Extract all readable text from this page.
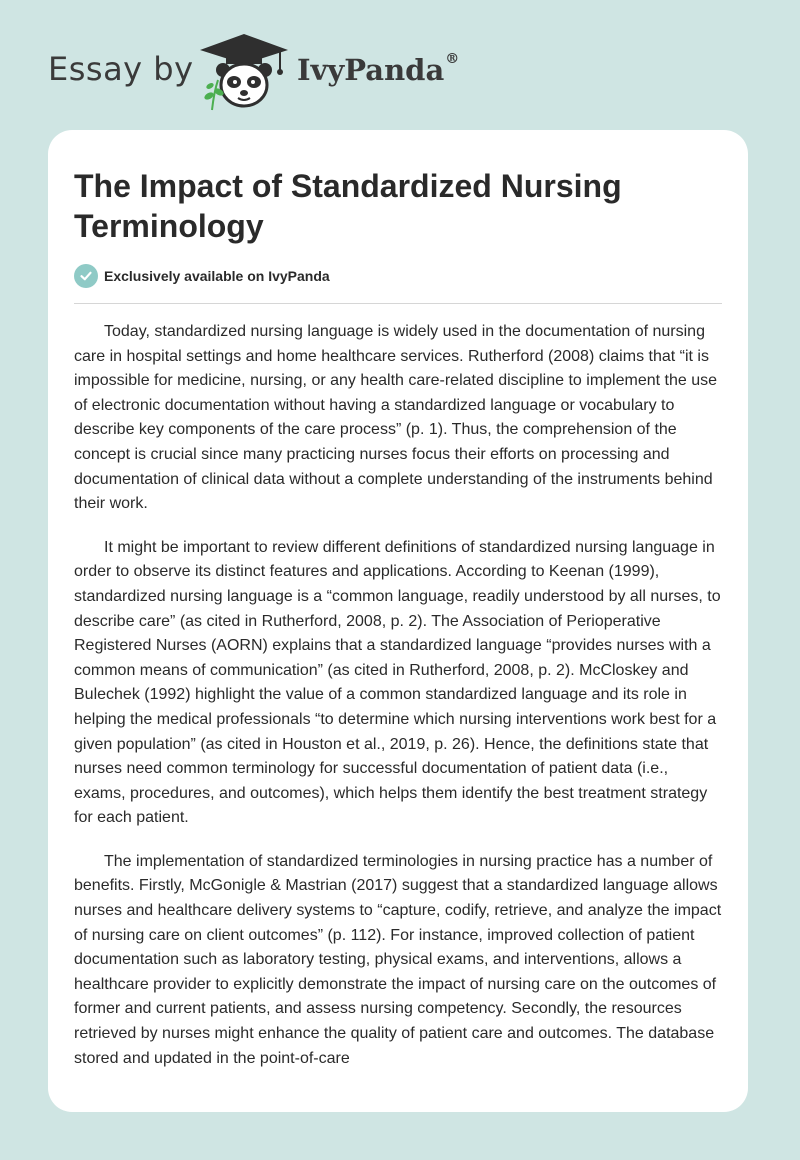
Essay by	IvyPanda®
The Impact of Standardized Nursing Terminology
Exclusively available on IvyPanda

Today, standardized nursing language is widely used in the documentation of nursing care in hospital settings and home healthcare services. Rutherford (2008) claims that “it is impossible for medicine, nursing, or any health care-related discipline to implement the use of electronic documentation without having a standardized language or vocabulary to describe key components of the care process” (p. 1). Thus, the comprehension of the concept is crucial since many practicing nurses focus their efforts on processing and documentation of clinical data without a complete understanding of the instruments behind their work.

It might be important to review different definitions of standardized nursing language in order to observe its distinct features and applications. According to Keenan (1999), standardized nursing language is a “common language, readily understood by all nurses, to describe care” (as cited in Rutherford, 2008, p. 2). The Association of Perioperative Registered Nurses (AORN) explains that a standardized language “provides nurses with a common means of communication” (as cited in Rutherford, 2008, p. 2). McCloskey and Bulechek (1992) highlight the value of a common standardized language and its role in helping the medical professionals “to determine which nursing interventions work best for a given population” (as cited in Houston et al., 2019, p. 26). Hence, the definitions state that nurses need common terminology for successful documentation of patient data (i.e., exams, procedures, and outcomes), which helps them identify the best treatment strategy for each patient.

The implementation of standardized terminologies in nursing practice has a number of benefits. Firstly, McGonigle & Mastrian (2017) suggest that a standardized language allows nurses and healthcare delivery systems to “capture, codify, retrieve, and analyze the impact of nursing care on client outcomes” (p. 112). For instance, improved collection of patient documentation such as laboratory testing, physical exams, and interventions, allows a healthcare provider to explicitly demonstrate the impact of nursing care on the outcomes of former and current patients, and assess nursing competency. Secondly, the resources retrieved by nurses might enhance the quality of patient care and outcomes. The database stored and updated in the point-of-care
